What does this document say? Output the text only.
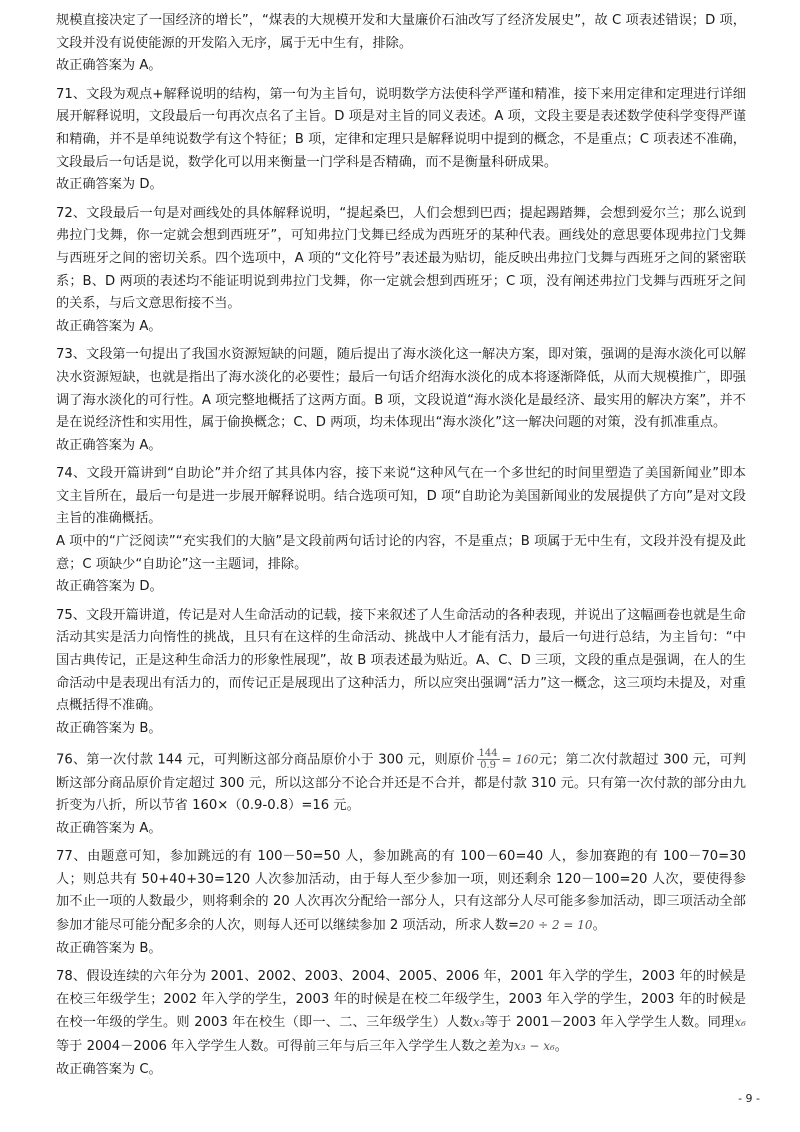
规模直接决定了一国经济的增长”，“煤表的大规模开发和大量廉价石油改写了经济发展史”，故 C 项表述错误；D 项，文段并没有说使能源的开发陷入无序，属于无中生有，排除。

故正确答案为 A。

71、文段为观点+解释说明的结构，第一句为主旨句，说明数学方法使科学严谨和精准，接下来用定律和定理进行详细展开解释说明，文段最后一句再次点名了主旨。D 项是对主旨的同义表述。A 项，文段主要是表述数学使科学变得严谨和精确，并不是单纯说数学有这个特征；B 项，定律和定理只是解释说明中提到的概念，不是重点；C 项表述不准确，文段最后一句话是说，数学化可以用来衡量一门学科是否精确，而不是衡量科研成果。

故正确答案为 D。

72、文段最后一句是对画线处的具体解释说明，“提起桑巴，人们会想到巴西；提起踢踏舞，会想到爱尔兰；那么说到弗拉门戈舞，你一定就会想到西班牙”，可知弗拉门戈舞已经成为西班牙的某种代表。画线处的意思要体现弗拉门戈舞与西班牙之间的密切关系。四个选项中，A 项的“文化符号”表述最为贴切，能反映出弗拉门戈舞与西班牙之间的紧密联系；B、D 两项的表述均不能证明说到弗拉门戈舞，你一定就会想到西班牙；C 项，没有阐述弗拉门戈舞与西班牙之间的关系，与后文意思衔接不当。

故正确答案为 A。

73、文段第一句提出了我国水资源短缺的问题，随后提出了海水淡化这一解决方案，即对策，强调的是海水淡化可以解决水资源短缺，也就是指出了海水淡化的必要性；最后一句话介绍海水淡化的成本将逐渐降低，从而大规模推广，即强调了海水淡化的可行性。A 项完整地概括了这两方面。B 项，文段说道“海水淡化是最经济、最实用的解决方案”，并不是在说经济性和实用性，属于偷换概念；C、D 两项，均未体现出“海水淡化”这一解决问题的对策，没有抓准重点。

故正确答案为 A。

74、文段开篇讲到“自助论”并介绍了其具体内容，接下来说“这种风气在一个多世纪的时间里塑造了美国新闻业”即本文主旨所在，最后一句是进一步展开解释说明。结合选项可知，D 项“自助论为美国新闻业的发展提供了方向”是对文段主旨的准确概括。

A 项中的“广泛阅读”“充实我们的大脑”是文段前两句话讨论的内容，不是重点；B 项属于无中生有，文段并没有提及此意；C 项缺少“自助论”这一主题词，排除。

故正确答案为 D。

75、文段开篇讲道，传记是对人生命活动的记载，接下来叙述了人生命活动的各种表现，并说出了这幅画卷也就是生命活动其实是活力向惰性的挑战，且只有在这样的生命活动、挑战中人才能有活力，最后一句进行总结，为主旨句：“中国古典传记，正是这种生命活力的形象性展现”，故 B 项表述最为贴近。A、C、D 三项，文段的重点是强调，在人的生命活动中是表现出有活力的，而传记正是展现出了这种活力，所以应突出强调“活力”这一概念，这三项均未提及，对重点概括得不准确。

故正确答案为 B。

76、第一次付款 144 元，可判断这部分商品原价小于 300 元，则原价 $\frac{144}{0.9} = 160$元；第二次付款超过 300 元，可判断这部分商品原价肯定超过 300 元，所以这部分不论合并还是不合并，都是付款 310 元。只有第一次付款的部分由九折变为八折，所以节省 160×（0.9-0.8）=16 元。

故正确答案为 A。

77、由题意可知，参加跳远的有 100－50=50 人，参加跳高的有 100－60=40 人，参加赛跑的有 100－70=30 人；则总共有 50+40+30=120 人次参加活动，由于每人至少参加一项，则还剩余 120－100=20 人次，要使得参加不止一项的人数最少，则将剩余的 20 人次再次分配给一部分人，只有这部分人尽可能多参加活动，即三项活动全部参加才能尽可能分配多余的人次，则每人还可以继续参加 2 项活动，所求人数=20 ÷ 2 = 10。

故正确答案为 B。

78、假设连续的六年分为 2001、2002、2003、2004、2005、2006 年，2001 年入学的学生，2003 年的时候是在校三年级学生；2002 年入学的学生，2003 年的时候是在校二年级学生，2003 年入学的学生，2003 年的时候是在校一年级的学生。则 2003 年在校生（即一、二、三年级学生）人数x₃等于 2001－2003 年入学学生人数。同理x₆等于 2004－2006 年入学学生人数。可得前三年与后三年入学学生人数之差为x₃ − x₆。

故正确答案为 C。

- 9 -
